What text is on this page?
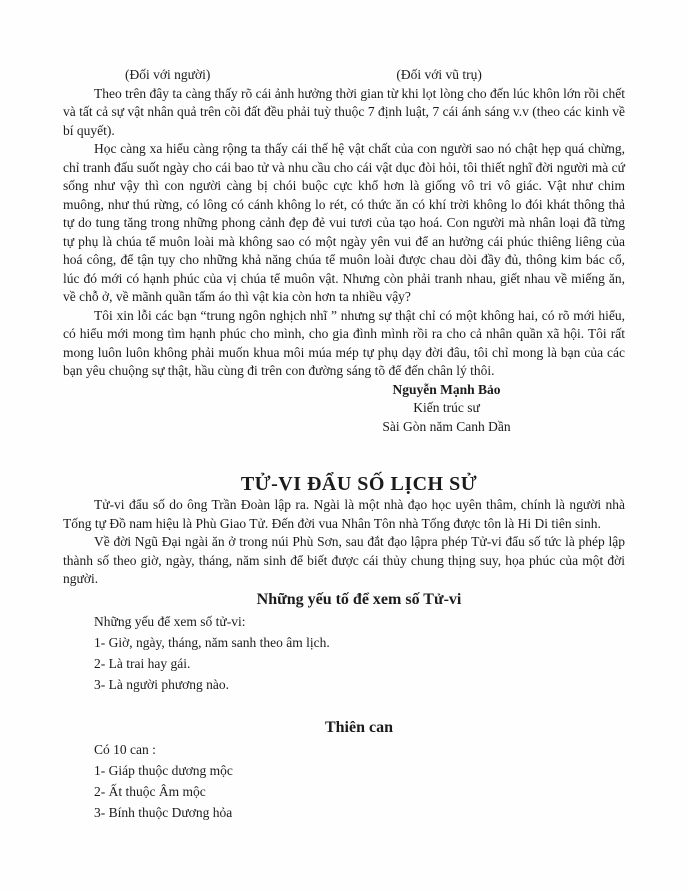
(Đối với người)	(Đối với vũ trụ)

Theo trên đây ta càng thấy rõ cái ảnh hưởng thời gian từ khi lọt lòng cho đến lúc khôn lớn rồi chết và tất cả sự vật nhân quả trên cõi đất đều phải tuỳ thuộc 7 định luật, 7 cái ánh sáng v.v (theo các kinh về bí quyết).

Học càng xa hiểu càng rộng ta thấy cái thế hệ vật chất của con người sao nó chật hẹp quá chừng, chỉ tranh đấu suốt ngày cho cái bao tử và nhu cầu cho cái vật dục đòi hỏi, tôi thiết nghĩ đời người mà cứ sống như vậy thì con người càng bị chói buộc cực khổ hơn là giống vô tri vô giác. Vật như chim muông, như thú rừng, có lông có cánh không lo rét, có thức ăn có khí trời không lo đói khát thông thả tự do tung tăng trong những phong cảnh đẹp đẻ vui tươi của tạo hoá. Con người mà nhân loại đã từng tự phụ là chúa tể muôn loài mà không sao có một ngày yên vui để an hưởng cái phúc thiêng liêng của hoá công, để tận tụy cho những khả năng chúa tể muôn loài được chau dòi đầy đủ, thông kim bác cổ, lúc đó mới có hạnh phúc của vị chúa tể muôn vật. Nhưng còn phải tranh nhau, giết nhau về miếng ăn, về chỗ ở, về mãnh quần tấm áo thì vật kia còn hơn ta nhiều vậy?

Tôi xin lỗi các bạn “trung ngôn nghịch nhĩ ” nhưng sự thật chỉ có một không hai, có rõ mới hiểu, có hiểu mới mong tìm hạnh phúc cho mình, cho gia đình mình rồi ra cho cả nhân quần xã hội. Tôi rất mong luôn luôn không phải muốn khua môi múa mép tự phụ dạy đời đâu, tôi chỉ mong là bạn của các bạn yêu chuộng sự thật, hầu cùng đi trên con đường sáng tõ để đến chân lý thôi.

Nguyễn Mạnh Bảo
Kiến trúc sư
Sài Gòn năm Canh Dần
TỬ-VI ĐẨU SỐ LỊCH SỬ

Tử-vi đẩu số do ông Trần Đoàn lập ra. Ngài là một nhà đạo học uyên thâm, chính là người nhà Tống tự Đồ nam hiệu là Phù Giao Tử. Đến đời vua Nhân Tôn nhà Tống được tôn là Hi Di tiên sinh.

Về đời Ngũ Đại ngài ăn ở trong núi Phù Sơn, sau đắt đạo lậpra phép Tử-vi đẩu số tức là phép lập thành số theo giờ, ngày, tháng, năm sinh để biết được cái thủy chung thịng suy, họa phúc của một đời người.

Những yếu tố để xem số Tử-vi
Những yếu để xem số tử-vi:
1- Giờ, ngày, tháng, năm sanh theo âm lịch.
2- Là trai hay gái.
3- Là người phương nào.
Thiên can
Có 10 can :
1- Giáp thuộc dương mộc
2- Ất thuộc Âm mộc
3- Bính thuộc Dương hỏa
